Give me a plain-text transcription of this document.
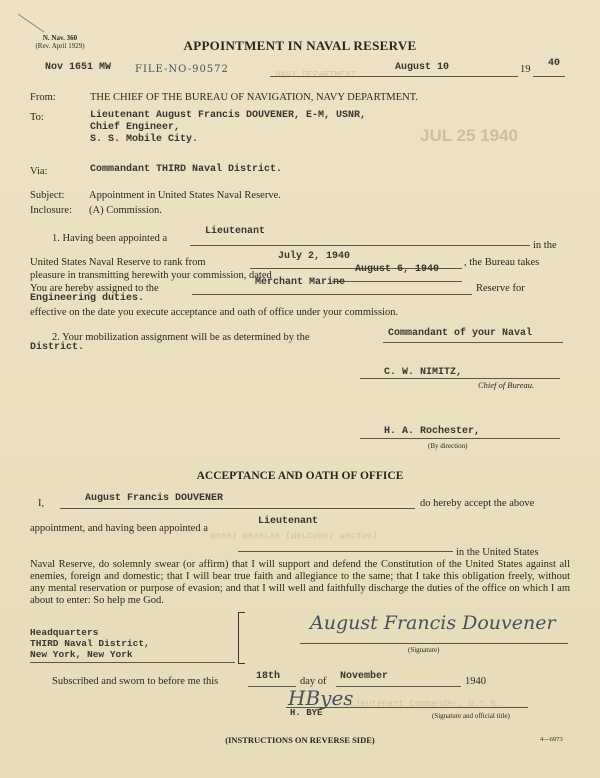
N. Nav. 360
(Rev. April 1929)	APPOINTMENT IN NAVAL RESERVE
NAVY DEPARTMENT
JUL 25 1940
Nov 1651 MW FILE-NO-90572	August 10	19
40
From:	THE CHIEF OF THE BUREAU OF NAVIGATION, NAVY DEPARTMENT.
To:	Lieutenant August Francis DOUVENER, E-M, USNR,
Chief Engineer,
S. S. Mobile City.
Via:	Commandant THIRD Naval District.
Subject: Appointment in United States Naval Reserve.
Inclosure: (A) Commission.
1. Having been appointed a
Lieutenant
in the
United States Naval Reserve to rank from
July 2, 1940
, the Bureau takes
pleasure in transmitting herewith your commission, dated
August 6, 1940
You are hereby assigned to the
Merchant Marine
Reserve for
Engineering duties.
effective on the date you execute acceptance and oath of office under your commission.
2. Your mobilization assignment will be as determined by the	Commandant of your Naval
District.
C. W. NIMITZ,
Chief of Bureau.
H. A. Rochester,
(By direction)
ACCEPTANCE AND OATH OF OFFICE
I,	August Francis DOUVENER	do hereby accept the above
appointment, and having been appointed a
Lieutenant
Naval Reserve (Merchant Marine)
in the United States
Naval Reserve, do solemnly swear (or affirm) that I will support and defend the Constitution of the United States against all enemies, foreign and domestic; that I will bear true faith and allegiance to the same; that I take this obligation freely, without any mental reservation or purpose of evasion; and that I will well and faithfully discharge the duties of the office on which I am about to enter: So help me God.
Headquarters
THIRD Naval District,
New York, New York
August Francis Douvener
(Signature)
Subscribed and sworn to before me this	18th day of November	1940
HByes
Lieutenant Commander, U.S.N.
H. BYE	(Signature and official title)
(INSTRUCTIONS ON REVERSE SIDE)	4—6973
